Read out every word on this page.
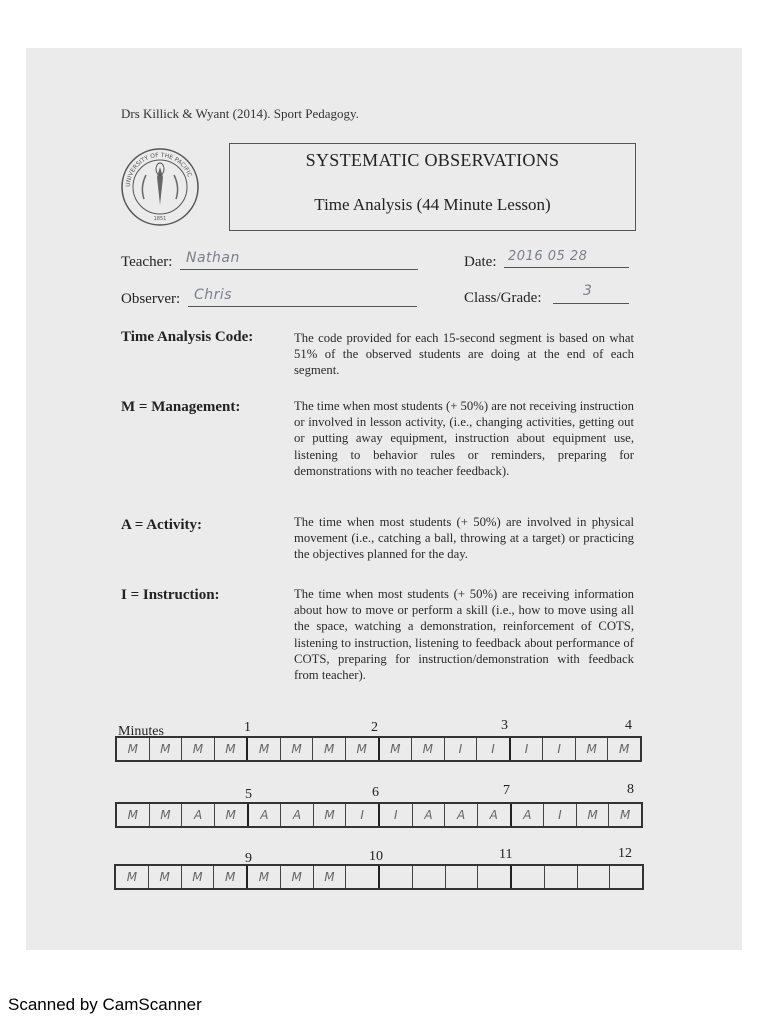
Drs Killick & Wyant (2014). Sport Pedagogy.
UNIVERSITY OF THE PACIFIC
1851
SYSTEMATIC OBSERVATIONS
Time Analysis (44 Minute Lesson)
Teacher: Nathan	Date: 2016 05 28
Observer: Chris	Class/Grade:	3
Time Analysis Code:	The code provided for each 15-second segment is based on what 51% of the observed students are doing at the end of each segment.
M = Management:	The time when most students (+ 50%) are not receiving instruction or involved in lesson activity, (i.e., changing activities, getting out or putting away equipment, instruction about equipment use, listening to behavior rules or reminders, preparing for demonstrations with no teacher feedback).
A = Activity:	The time when most students (+ 50%) are involved in physical movement (i.e., catching a ball, throwing at a target) or practicing the objectives planned for the day.
I = Instruction:	The time when most students (+ 50%) are receiving information about how to move or perform a skill (i.e., how to move using all the space, watching a demonstration, reinforcement of COTS, listening to instruction, listening to feedback about performance of COTS, preparing for instruction/demonstration with feedback from teacher).
Minutes	1	2	3	4
M	M	M	M	M	M	M	M	M	M	I	I	I	I	M	M
5	6	7	8
M	M	A	M	A	A	M	I	I	A	A	A	A	I	M	M
9	10	11	12
M	M	M	M	M	M	M
Scanned by CamScanner
